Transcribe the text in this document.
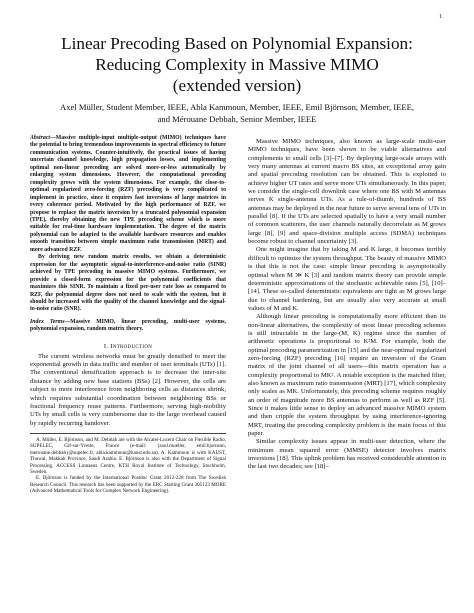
1
Linear Precoding Based on Polynomial Expansion:
Reducing Complexity in Massive MIMO
(extended version)
Axel Müller, Student Member, IEEE, Abla Kammoun, Member, IEEE, Emil Björnson, Member, IEEE,
and Mérouane Debbah, Senior Member, IEEE

Abstract—Massive multiple-input multiple-output (MIMO) techniques have the potential to bring tremendous improvements in spectral efficiency to future communication systems. Counter-intuitively, the practical issues of having uncertain channel knowledge, high propagation losses, and implementing optimal non-linear precoding are solved more-or-less automatically by enlarging system dimensions. However, the computational precoding complexity grows with the system dimensions. For example, the close-to-optimal regularized zero-forcing (RZF) precoding is very complicated to implement in practice, since it requires fast inversions of large matrices in every coherence period. Motivated by the high performance of RZF, we propose to replace the matrix inversion by a truncated polynomial expansion (TPE), thereby obtaining the new TPE precoding scheme which is more suitable for real-time hardware implementation. The degree of the matrix polynomial can be adapted to the available hardware resources and enables smooth transition between simple maximum ratio transmission (MRT) and more advanced RZF.

By deriving new random matrix results, we obtain a deterministic expression for the asymptotic signal-to-interference-and-noise ratio (SINR) achieved by TPE precoding in massive MIMO systems. Furthermore, we provide a closed-form expression for the polynomial coefficients that maximizes this SINR. To maintain a fixed per-user rate loss as compared to RZF, the polynomial degree does not need to scale with the system, but it should be increased with the quality of the channel knowledge and the signal-to-noise ratio (SNR).

Index Terms—Massive MIMO, linear precoding, multi-user systems, polynomial expansion, random matrix theory.

I. Introduction

The current wireless networks must be greatly densified to meet the exponential growth in data traffic and number of user terminals (UTs) [1]. The conventional densification approach is to decrease the inter-site distance by adding new base stations (BSs) [2]. However, the cells are subject to more interference from neighboring cells as distances shrink, which requires substantial coordination between neighboring BSs or fractional frequency reuse patterns. Furthermore, serving high-mobility UTs by small cells is very cumbersome due to the large overhead caused by rapidly recurring handover.

A. Müller, E. Björnson, and M. Debbah are with the Alcatel-Lucent Chair on Flexible Radio, SUPELEC, Gif-sur-Yvette, France (e-mail: {axel.mueller, emil.bjornson, merouane.debbah}@supelec.fr, abla.kammoun@kaust.edu.sa). A. Kammoun is with KAUST, Thuwal, Makkah Province, Saudi Arabia. E. Björnson is also with the Department of Signal Processing, ACCESS Linnaeus Centre, KTH Royal Institute of Technology, Stockholm, Sweden.

E. Björnson is funded by the International Postdoc Grant 2012-228 from The Swedish Research Council. This research has been supported by the ERC Starting Grant 305123 MORE (Advanced Mathematical Tools for Complex Network Engineering).

Massive MIMO techniques, also known as large-scale multi-user MIMO techniques, have been shown to be viable alternatives and complements to small cells [3]–[7]. By deploying large-scale arrays with very many antennas at current macro BS sites, an exceptional array gain and spatial precoding resolution can be obtained. This is exploited to achieve higher UT rates and serve more UTs simultaneously. In this paper, we consider the single-cell downlink case where one BS with M antennas serves K single-antenna UTs. As a rule-of-thumb, hundreds of BS antennas may be deployed in the near future to serve several tens of UTs in parallel [8]. If the UTs are selected spatially to have a very small number of common scatterers, the user channels naturally decorrelate as M grows large [8], [9] and space-division multiple access (SDMA) techniques become robust to channel uncertainty [3].

One might imagine that by taking M and K large, it becomes terribly difficult to optimize the system throughput. The beauty of massive MIMO is that this is not the case: simple linear precoding is asymptotically optimal when M ≫ K [3] and random matrix theory can provide simple deterministic approximations of the stochastic achievable rates [5], [10]–[14]. These so-called deterministic equivalents are tight as M grows large due to channel hardening, but are usually also very accurate at small values of M and K.

Although linear precoding is computationally more efficient than its non-linear alternatives, the complexity of most linear precoding schemes is still intractable in the large-(M, K) regime since the number of arithmetic operations is proportional to K²M. For example, both the optimal precoding parametrization in [15] and the near-optimal regularized zero-forcing (RZF) precoding [16] require an inversion of the Gram matrix of the joint channel of all users—this matrix operation has a complexity proportional to MK². A notable exception is the matched filter, also known as maximum ratio transmission (MRT) [17], which complexity only scales as MK. Unfortunately, this precoding scheme requires roughly an order of magnitude more BS antennas to perform as well as RZF [5]. Since it makes little sense to deploy an advanced massive MIMO system and then cripple the system throughput by using interference-ignoring MRT, treating the precoding complexity problem is the main focus of this paper.

Similar complexity issues appear in multi-user detection, where the minimum mean squared error (MMSE) detector involves matrix inversions [18]. This uplink problem has received considerable attention in the last two decades; see [18]–
